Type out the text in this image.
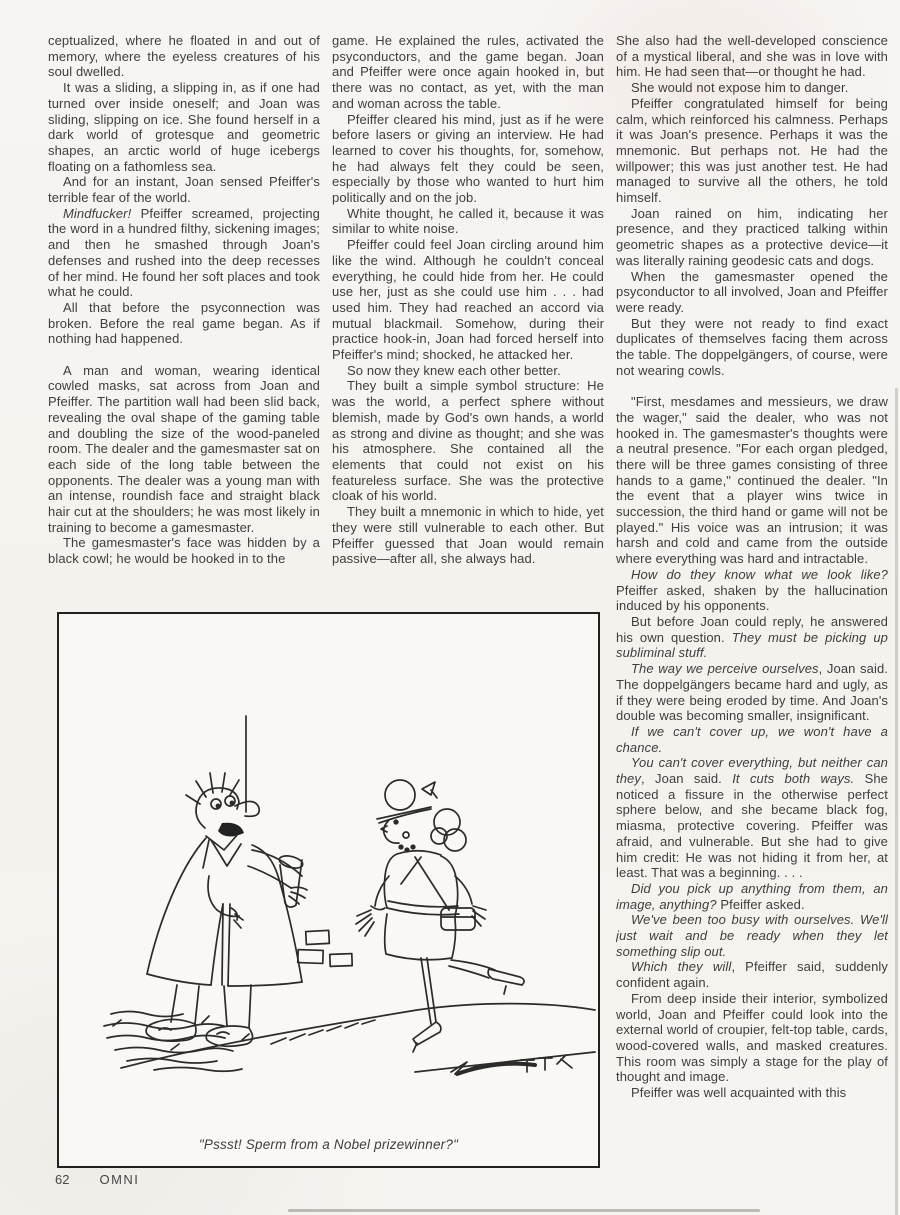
ceptualized, where he floated in and out of memory, where the eyeless creatures of his soul dwelled.

It was a sliding, a slipping in, as if one had turned over inside oneself; and Joan was sliding, slipping on ice. She found herself in a dark world of grotesque and geometric shapes, an arctic world of huge icebergs floating on a fathomless sea.

And for an instant, Joan sensed Pfeiffer's terrible fear of the world.

Mindfucker! Pfeiffer screamed, projecting the word in a hundred filthy, sickening images; and then he smashed through Joan's defenses and rushed into the deep recesses of her mind. He found her soft places and took what he could.

All that before the psyconnection was broken. Before the real game began. As if nothing had happened.

A man and woman, wearing identical cowled masks, sat across from Joan and Pfeiffer. The partition wall had been slid back, revealing the oval shape of the gaming table and doubling the size of the wood-paneled room. The dealer and the gamesmaster sat on each side of the long table between the opponents. The dealer was a young man with an intense, roundish face and straight black hair cut at the shoulders; he was most likely in training to become a gamesmaster.

The gamesmaster's face was hidden by a black cowl; he would be hooked in to the

game. He explained the rules, activated the psyconductors, and the game began. Joan and Pfeiffer were once again hooked in, but there was no contact, as yet, with the man and woman across the table.

Pfeiffer cleared his mind, just as if he were before lasers or giving an interview. He had learned to cover his thoughts, for, somehow, he had always felt they could be seen, especially by those who wanted to hurt him politically and on the job.

White thought, he called it, because it was similar to white noise.

Pfeiffer could feel Joan circling around him like the wind. Although he couldn't conceal everything, he could hide from her. He could use her, just as she could use him . . . had used him. They had reached an accord via mutual blackmail. Somehow, during their practice hook-in, Joan had forced herself into Pfeiffer's mind; shocked, he attacked her.

So now they knew each other better.

They built a simple symbol structure: He was the world, a perfect sphere without blemish, made by God's own hands, a world as strong and divine as thought; and she was his atmosphere. She contained all the elements that could not exist on his featureless surface. She was the protective cloak of his world.

They built a mnemonic in which to hide, yet they were still vulnerable to each other. But Pfeiffer guessed that Joan would remain passive—after all, she always had.

She also had the well-developed conscience of a mystical liberal, and she was in love with him. He had seen that—or thought he had.

She would not expose him to danger.

Pfeiffer congratulated himself for being calm, which reinforced his calmness. Perhaps it was Joan's presence. Perhaps it was the mnemonic. But perhaps not. He had the willpower; this was just another test. He had managed to survive all the others, he told himself.

Joan rained on him, indicating her presence, and they practiced talking within geometric shapes as a protective device—it was literally raining geodesic cats and dogs.

When the gamesmaster opened the psyconductor to all involved, Joan and Pfeiffer were ready.

But they were not ready to find exact duplicates of themselves facing them across the table. The doppelgängers, of course, were not wearing cowls.

"First, mesdames and messieurs, we draw the wager," said the dealer, who was not hooked in. The gamesmaster's thoughts were a neutral presence. "For each organ pledged, there will be three games consisting of three hands to a game," continued the dealer. "In the event that a player wins twice in succession, the third hand or game will not be played." His voice was an intrusion; it was harsh and cold and came from the outside where everything was hard and intractable.

How do they know what we look like? Pfeiffer asked, shaken by the hallucination induced by his opponents.

But before Joan could reply, he answered his own question. They must be picking up subliminal stuff.

The way we perceive ourselves, Joan said. The doppelgängers became hard and ugly, as if they were being eroded by time. And Joan's double was becoming smaller, insignificant.

If we can't cover up, we won't have a chance.

You can't cover everything, but neither can they, Joan said. It cuts both ways. She noticed a fissure in the otherwise perfect sphere below, and she became black fog, miasma, protective covering. Pfeiffer was afraid, and vulnerable. But she had to give him credit: He was not hiding it from her, at least. That was a beginning. . . .

Did you pick up anything from them, an image, anything? Pfeiffer asked.

We've been too busy with ourselves. We'll just wait and be ready when they let something slip out.

Which they will, Pfeiffer said, suddenly confident again.

From deep inside their interior, symbolized world, Joan and Pfeiffer could look into the external world of croupier, felt-top table, cards, wood-covered walls, and masked creatures. This room was simply a stage for the play of thought and image.

Pfeiffer was well acquainted with this

"Pssst! Sperm from a Nobel prizewinner?"
62 OMNI
